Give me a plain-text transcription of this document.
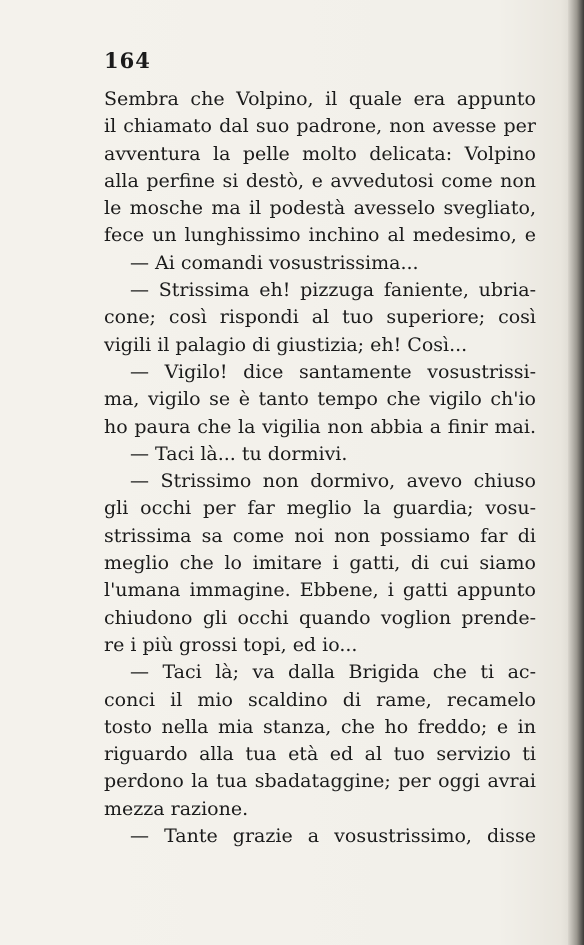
164
Sembra che Volpino, il quale era appunto
il chiamato dal suo padrone, non avesse per
avventura la pelle molto delicata: Volpino
alla perfine si destò, e avvedutosi come non
le mosche ma il podestà avesselo svegliato,
fece un lunghissimo inchino al medesimo, e
— Ai comandi vosustrissima...
— Strissima eh! pizzuga faniente, ubria-
cone; così rispondi al tuo superiore; così
vigili il palagio di giustizia; eh! Così...
— Vigilo! dice santamente vosustrissi-
ma, vigilo se è tanto tempo che vigilo ch'io
ho paura che la vigilia non abbia a finir mai.
— Taci là... tu dormivi.
— Strissimo non dormivo, avevo chiuso
gli occhi per far meglio la guardia; vosu-
strissima sa come noi non possiamo far di
meglio che lo imitare i gatti, di cui siamo
l'umana immagine. Ebbene, i gatti appunto
chiudono gli occhi quando voglion prende-
re i più grossi topi, ed io...
— Taci là; va dalla Brigida che ti ac-
conci il mio scaldino di rame, recamelo
tosto nella mia stanza, che ho freddo; e in
riguardo alla tua età ed al tuo servizio ti
perdono la tua sbadataggine; per oggi avrai
mezza razione.
— Tante grazie a vosustrissimo, disse
